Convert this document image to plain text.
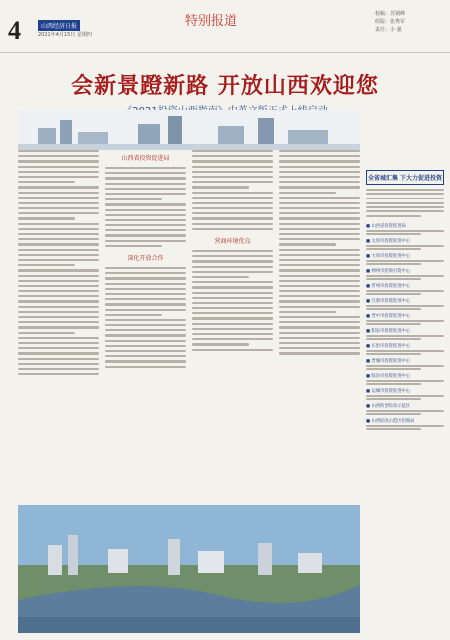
4	山西经济日报
2021年4月15日 星期四
特别报道	校稿：苏钢峰
组版：张秀军
责任：小 强
会新景蹬新路 开放山西欢迎您
山西省投资促进局
深化开放合作
营商环境优良
全省城汇集 下大力促进投资
■ 山西省投资促进局
■ 太原市投资促进中心
■ 大同市投资促进中心
■ 朔州市招商引资中心
■ 忻州市投资促进中心
■ 吕梁市投资促进中心
■ 晋中市投资促进中心
■ 阳泉市投资促进中心
■ 长治市投资促进中心
■ 晋城市投资促进中心
■ 临汾市投资促进中心
■ 运城市投资促进中心
■ 山西转型综改示范区
■ 山西综改示范区招商局
